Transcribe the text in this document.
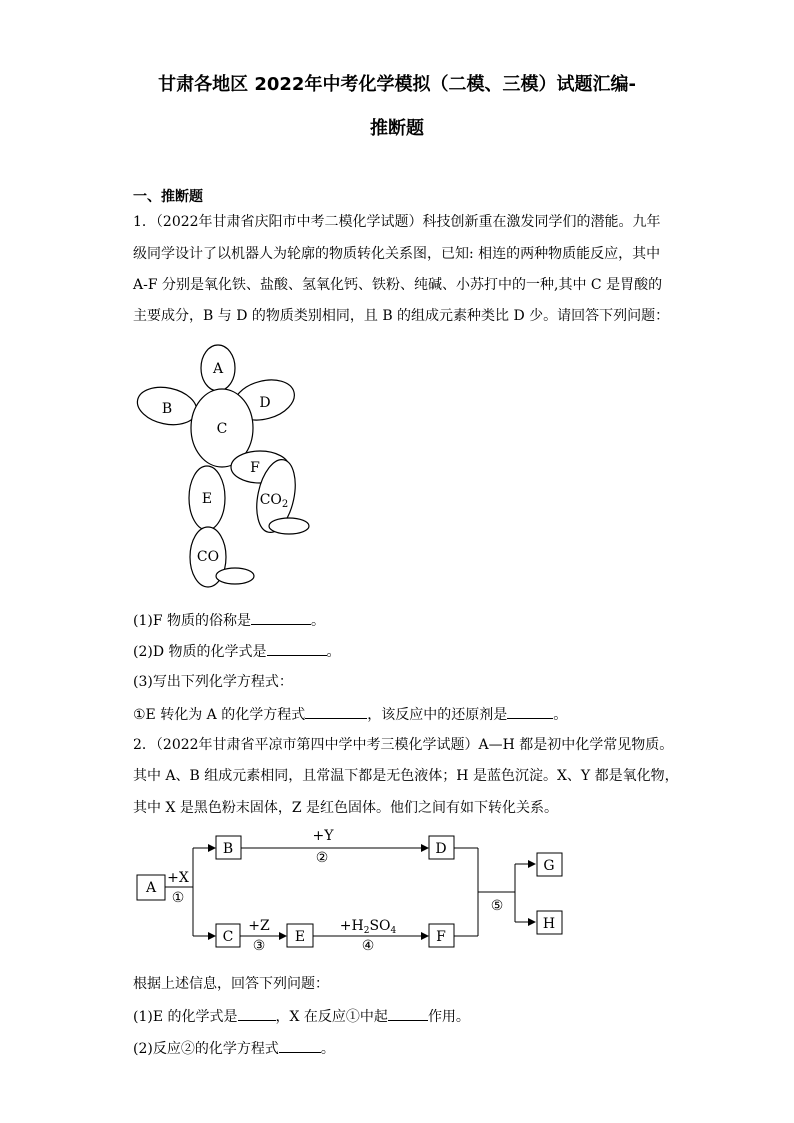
甘肃各地区 2022年中考化学模拟（二模、三模）试题汇编-
推断题
一、推断题
1．（2022年甘肃省庆阳市中考二模化学试题）科技创新重在激发同学们的潜能。九年
级同学设计了以机器人为轮廓的物质转化关系图，已知: 相连的两种物质能反应，其中
A-F 分别是氧化铁、盐酸、氢氧化钙、铁粉、纯碱、小苏打中的一种,其中 C 是胃酸的
主要成分，B 与 D 的物质类别相同，且 B 的组成元素种类比 D 少。请回答下列问题：
A
B	D
C
F
E	$CO_2$
CO
(1)F 物质的俗称是	。
(2)D 物质的化学式是	。
(3)写出下列化学方程式：
①E 转化为 A 的化学方程式	，该反应中的还原剂是	。
2．（2022年甘肃省平凉市第四中学中考三模化学试题）A—H 都是初中化学常见物质。
其中 A、B 组成元素相同，且常温下都是无色液体；H 是蓝色沉淀。X、Y 都是氧化物，
其中 X 是黑色粉末固体，Z 是红色固体。他们之间有如下转化关系。
A
B
C	E
D
F
G
H
+X
①
+Y
②
+Z
③
$+H_2SO_4$
④
⑤
根据上述信息，回答下列问题：
(1)E 的化学式是	，X 在反应①中起	作用。
(2)反应②的化学方程式	。
